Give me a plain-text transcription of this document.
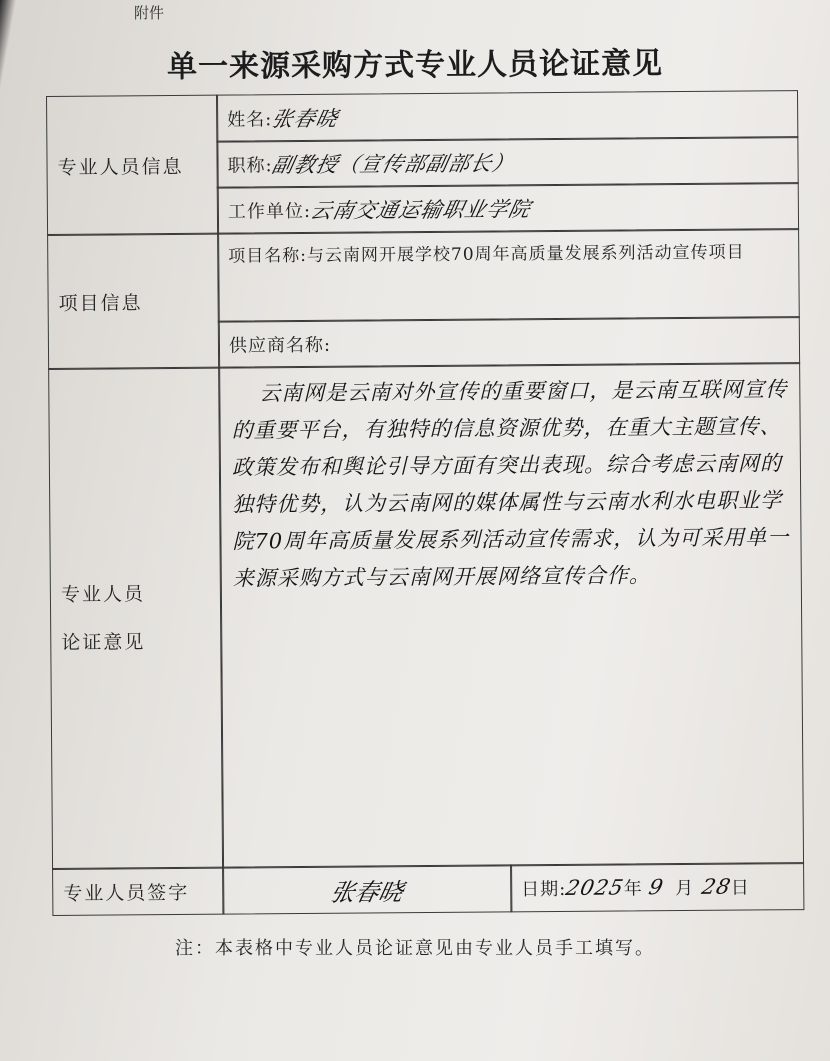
附件
单一来源采购方式专业人员论证意见
专业人员信息
姓名:
张春晓
职称:
副教授（宣传部副部长）
工作单位:
云南交通运输职业学院
项目信息
项目名称:与云南网开展学校70周年高质量发展系列活动宣传项目
供应商名称:
专业人员
论证意见
云南网是云南对外宣传的重要窗口，是云南互联网宣传的重要平台，有独特的信息资源优势，在重大主题宣传、政策发布和舆论引导方面有突出表现。综合考虑云南网的独特优势，认为云南网的媒体属性与云南水利水电职业学院70周年高质量发展系列活动宣传需求，认为可采用单一来源采购方式与云南网开展网络宣传合作。
专业人员签字	张春晓	日期:
2025
年 9 月 28
日
注：本表格中专业人员论证意见由专业人员手工填写。
